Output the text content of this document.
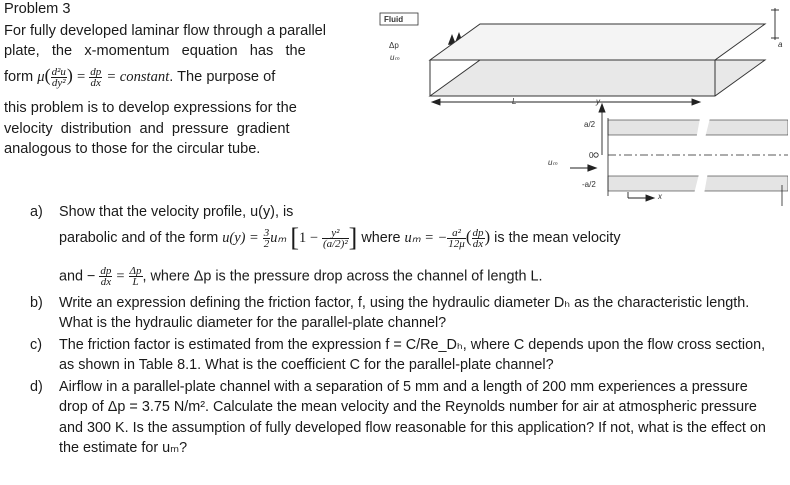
Problem 3
For fully developed laminar flow through a parallel
plate,   the   x-momentum   equation   has   the
form $\mu( \frac{\text{d²u}}{\text{dy²}}$ ) = $\frac{dp}{dx}$ = constant. The purpose of
this problem is to develop expressions for the
velocity  distribution  and  pressure  gradient
analogous to those for the circular tube.
Fluid
Δp
uₘ
L
a
y
x
a/2
0
-a/2
uₘ
a) Show that the velocity profile, u(y), is
parabolic and of the form $u(y) = \frac{3}{2}$ uₘ [$1 - \frac{\text{y²}}{\text{(a/2)²}}$ ] where uₘ = − $\frac{\text{a²}}{12\mu}$ ( $\frac{dp}{dx}$ ) is the mean velocity
and − $\frac{dp}{dx} = \frac{\Delta p}{L}$ , where Δp is the pressure drop across the channel of length L.
b) Write an expression defining the friction factor, f, using the hydraulic diameter Dₕ as the characteristic length. What is the hydraulic diameter for the parallel-plate channel?
c) The friction factor is estimated from the expression f = C/Re_Dₕ, where C depends upon the flow cross section, as shown in Table 8.1. What is the coefficient C for the parallel-plate channel?
d) Airflow in a parallel-plate channel with a separation of 5 mm and a length of 200 mm experiences a pressure drop of Δp = 3.75 N/m². Calculate the mean velocity and the Reynolds number for air at atmospheric pressure and 300 K. Is the assumption of fully developed flow reasonable for this application? If not, what is the effect on the estimate for uₘ?
